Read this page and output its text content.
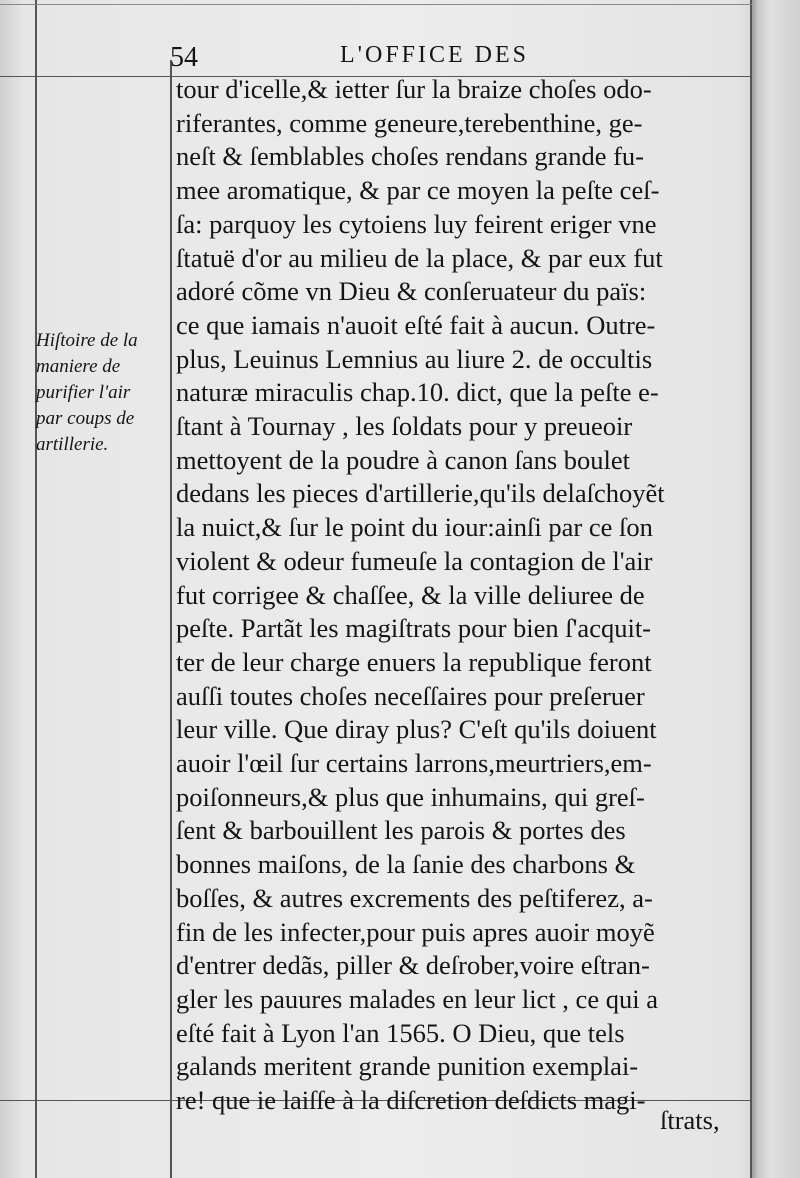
54	L'OFFICE DES
Hiſtoire de la
maniere de
purifier l'air
par coups de
artillerie.
tour d'icelle,& ietter ſur la braize choſes odo-
riferantes, comme geneure,terebenthine, ge-
neſt & ſemblables choſes rendans grande fu-
mee aromatique, & par ce moyen la peſte ceſ-
ſa: parquoy les cytoiens luy feirent eriger vne
ſtatuë d'or au milieu de la place, & par eux fut
adoré cõme vn Dieu & conſeruateur du païs:
ce que iamais n'auoit eſté fait à aucun. Outre-
plus, Leuinus Lemnius au liure 2. de occultis
naturæ miraculis chap.10. dict, que la peſte e-
ſtant à Tournay , les ſoldats pour y preueoir
mettoyent de la poudre à canon ſans boulet
dedans les pieces d'artillerie,qu'ils delaſchoyẽt
la nuict,& ſur le point du iour:ainſi par ce ſon
violent & odeur fumeuſe la contagion de l'air
fut corrigee & chaſſee, & la ville deliuree de
peſte. Partãt les magiſtrats pour bien ſ'acquit-
ter de leur charge enuers la republique feront
auſſi toutes choſes neceſſaires pour preſeruer
leur ville. Que diray plus? C'eſt qu'ils doiuent
auoir l'œil ſur certains larrons,meurtriers,em-
poiſonneurs,& plus que inhumains, qui greſ-
ſent & barbouillent les parois & portes des
bonnes maiſons, de la ſanie des charbons &
boſſes, & autres excrements des peſtiferez, a-
fin de les infecter,pour puis apres auoir moyẽ
d'entrer dedãs, piller & deſrober,voire eſtran-
gler les pauures malades en leur lict , ce qui a
eſté fait à Lyon l'an 1565. O Dieu, que tels
galands meritent grande punition exemplai-
re! que ie laiſſe à la diſcretion deſdicts magi-
ſtrats,
